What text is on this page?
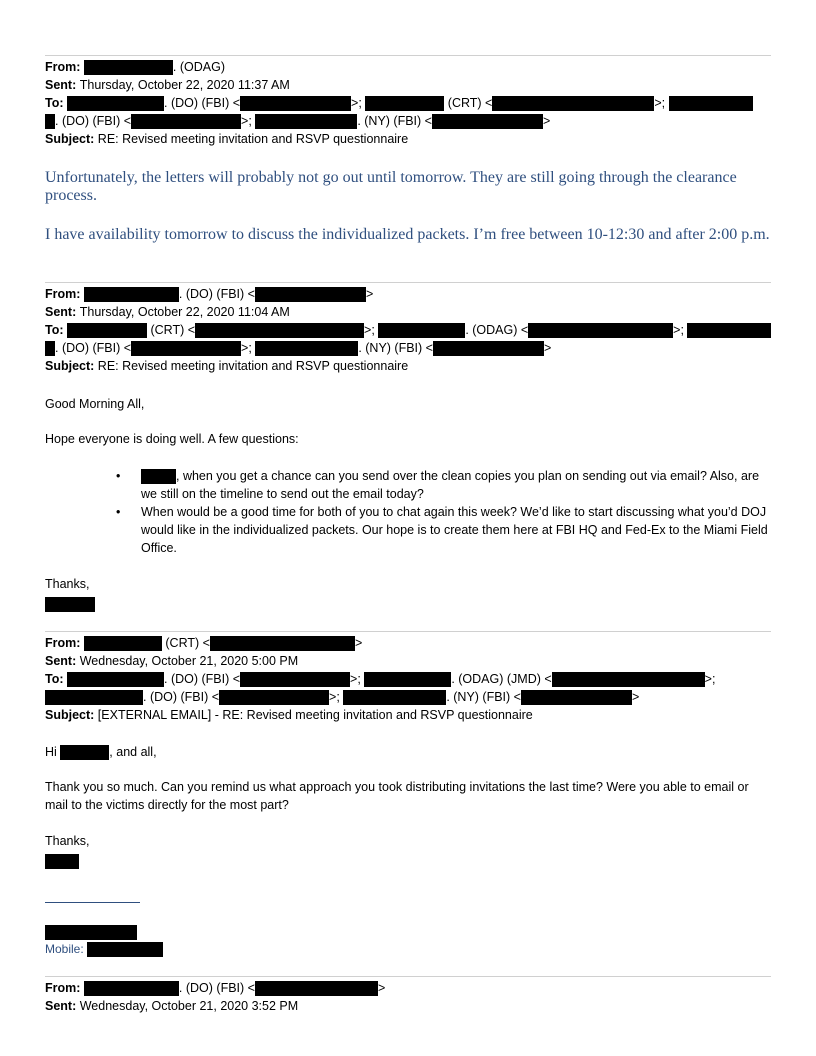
From:
	. (ODAG)
Sent:
Thursday, October 22, 2020 11:37 AM
To:
	. (DO) (FBI) <	>;

	(CRT) <	>;

. (DO) (FBI) <	>;
	. (NY) (FBI) <	>
Subject:
RE: Revised meeting invitation and RSVP questionnaire
Unfortunately, the letters will probably not go out until tomorrow. They are still going through the clearance process.
I have availability tomorrow to discuss the individualized packets. I’m free between 10-12:30 and after 2:00 p.m.
From:
	. (DO) (FBI) <	>
Sent:
Thursday, October 22, 2020 11:04 AM
To:

	(CRT) <	>;
	. (ODAG) <	>;

. (DO) (FBI) <	>;
	. (NY) (FBI) <	>
Subject:
RE: Revised meeting invitation and RSVP questionnaire
Good Morning All,
Hope everyone is doing well. A few questions:
• , when you get a chance can you send over the clean copies you plan on sending out via email? Also, are we still on the timeline to send out the email today?
• When would be a good time for both of you to chat again this week? We’d like to start discussing what you’d DOJ would like in the individualized packets. Our hope is to create them here at FBI HQ and Fed-Ex to the Miami Field Office.
Thanks,
From:

	(CRT) <	>
Sent:
Wednesday, October 21, 2020 5:00 PM
To:
	. (DO) (FBI) <	>;
	. (ODAG) (JMD) <	>;
. (DO) (FBI) <	>;
	. (NY) (FBI) <	>
Subject:
[EXTERNAL EMAIL] - RE: Revised meeting invitation and RSVP questionnaire
Hi	, and all,
Thank you so much. Can you remind us what approach you took distributing invitations the last time? Were you able to email or mail to the victims directly for the most part?
Thanks,
Mobile:
From:
	. (DO) (FBI) <	>
Sent:
Wednesday, October 21, 2020 3:52 PM
